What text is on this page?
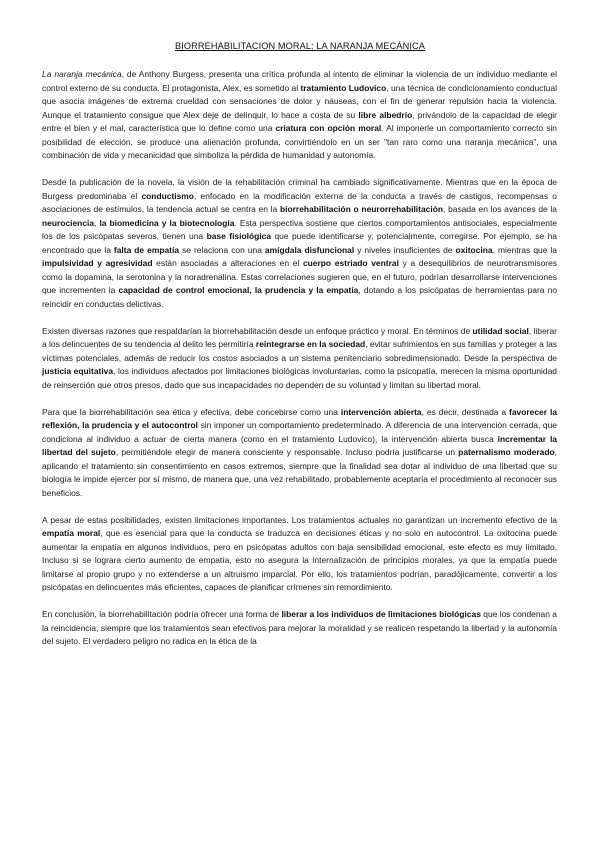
BIORREHABILITACION MORAL: LA NARANJA MECÁNICA

La naranja mecánica, de Anthony Burgess, presenta una crítica profunda al intento de eliminar la violencia de un individuo mediante el control externo de su conducta. El protagonista, Alex, es sometido al tratamiento Ludovico, una técnica de condicionamiento conductual que asocia imágenes de extrema crueldad con sensaciones de dolor y náuseas, con el fin de generar repulsión hacia la violencia. Aunque el tratamiento consigue que Alex deje de delinquir, lo hace a costa de su libre albedrío, privándolo de la capacidad de elegir entre el bien y el mal, característica que lo define como una criatura con opción moral. Al imponerle un comportamiento correcto sin posibilidad de elección, se produce una alienación profunda, convirtiéndolo en un ser "tan raro como una naranja mecánica", una combinación de vida y mecanicidad que simboliza la pérdida de humanidad y autonomía.

Desde la publicación de la novela, la visión de la rehabilitación criminal ha cambiado significativamente. Mientras que en la época de Burgess predominaba el conductismo, enfocado en la modificación externa de la conducta a través de castigos, recompensas o asociaciones de estímulos, la tendencia actual se centra en la biorrehabilitación o neurorrehabilitación, basada en los avances de la neurociencia, la biomedicina y la biotecnología. Esta perspectiva sostiene que ciertos comportamientos antisociales, especialmente los de los psicópatas severos, tienen una base fisiológica que puede identificarse y, potencialmente, corregirse. Por ejemplo, se ha encontrado que la falta de empatía se relaciona con una amígdala disfuncional y niveles insuficientes de oxitocina, mientras que la impulsividad y agresividad están asociadas a alteraciones en el cuerpo estriado ventral y a desequilibrios de neurotransmisores como la dopamina, la serotonina y la noradrenalina. Estas correlaciones sugieren que, en el futuro, podrían desarrollarse intervenciones que incrementen la capacidad de control emocional, la prudencia y la empatía, dotando a los psicópatas de herramientas para no reincidir en conductas delictivas.

Existen diversas razones que respaldarían la biorrehabilitación desde un enfoque práctico y moral. En términos de utilidad social, liberar a los delincuentes de su tendencia al delito les permitiría reintegrarse en la sociedad, evitar sufrimientos en sus familias y proteger a las víctimas potenciales, además de reducir los costos asociados a un sistema penitenciario sobredimensionado. Desde la perspectiva de justicia equitativa, los individuos afectados por limitaciones biológicas involuntarias, como la psicopatía, merecen la misma oportunidad de reinserción que otros presos, dado que sus incapacidades no dependen de su voluntad y limitan su libertad moral.

Para que la biorrehabilitación sea ética y efectiva, debe concebirse como una intervención abierta, es decir, destinada a favorecer la reflexión, la prudencia y el autocontrol sin imponer un comportamiento predeterminado. A diferencia de una intervención cerrada, que condiciona al individuo a actuar de cierta manera (como en el tratamiento Ludovico), la intervención abierta busca incrementar la libertad del sujeto, permitiéndole elegir de manera consciente y responsable. Incluso podría justificarse un paternalismo moderado, aplicando el tratamiento sin consentimiento en casos extremos, siempre que la finalidad sea dotar al individuo de una libertad que su biología le impide ejercer por sí mismo, de manera que, una vez rehabilitado, probablemente aceptaría el procedimiento al reconocer sus beneficios.

A pesar de estas posibilidades, existen limitaciones importantes. Los tratamientos actuales no garantizan un incremento efectivo de la empatía moral, que es esencial para que la conducta se traduzca en decisiones éticas y no solo en autocontrol. La oxitocina puede aumentar la empatía en algunos individuos, pero en psicópatas adultos con baja sensibilidad emocional, este efecto es muy limitado. Incluso si se lograra cierto aumento de empatía, esto no asegura la internalización de principios morales, ya que la empatía puede limitarse al propio grupo y no extenderse a un altruismo imparcial. Por ello, los tratamientos podrían, paradójicamente, convertir a los psicópatas en delincuentes más eficientes, capaces de planificar crímenes sin remordimiento.

En conclusión, la biorrehabilitación podría ofrecer una forma de liberar a los individuos de limitaciones biológicas que los condenan a la reincidencia, siempre que los tratamientos sean efectivos para mejorar la moralidad y se realicen respetando la libertad y la autonomía del sujeto. El verdadero peligro no radica en la ética de la
